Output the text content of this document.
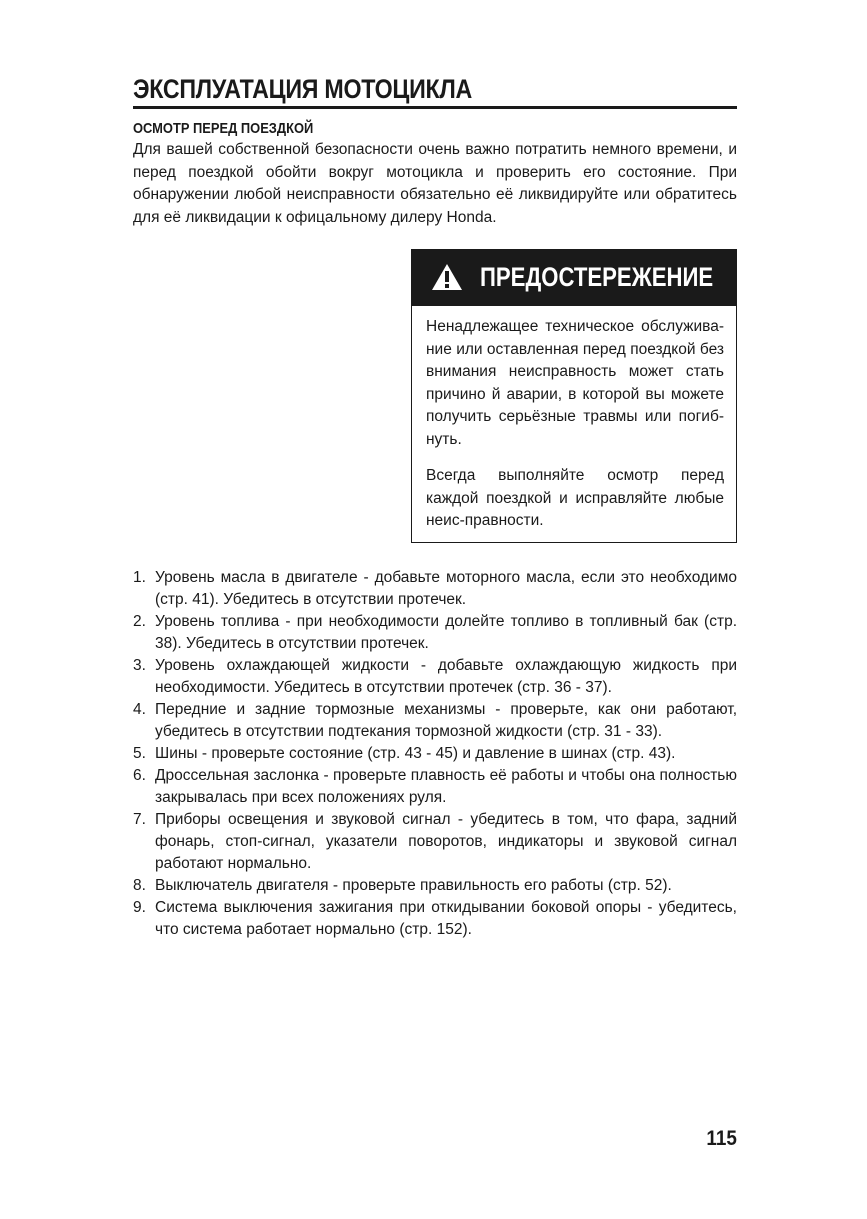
ЭКСПЛУАТАЦИЯ МОТОЦИКЛА
ОСМОТР ПЕРЕД ПОЕЗДКОЙ

Для вашей собственной безопасности очень важно потратить немного времени, и перед поездкой обойти вокруг мотоцикла и проверить его состояние. При обнаружении любой неисправности обязательно её ликвидируйте или обратитесь для её ликвидации к офицальному дилеру Honda.

ПРЕДОСТЕРЕЖЕНИЕ

Ненадлежащее техническое обслужива-ние или оставленная перед поездкой без внимания неисправность может стать причино й аварии, в которой вы можете получить серьёзные травмы или погиб-нуть.

Всегда выполняйте осмотр перед каждой поездкой и исправляйте любые неис-правности.

1. Уровень масла в двигателе - добавьте моторного масла, если это необходимо (стр. 41). Убедитесь в отсутствии протечек.
2. Уровень топлива - при необходимости долейте топливо в топливный бак (стр. 38). Убедитесь в отсутствии протечек.
3. Уровень охлаждающей жидкости - добавьте охлаждающую жидкость при необходимости. Убедитесь в отсутствии протечек (стр. 36 - 37).
4. Передние и задние тормозные механизмы - проверьте, как они работают, убедитесь в отсутствии подтекания тормозной жидкости (стр. 31 - 33).
5. Шины - проверьте состояние (стр. 43 - 45) и давление в шинах (стр. 43).
6. Дроссельная заслонка - проверьте плавность её работы и чтобы она полностью закрывалась при всех положениях руля.
7. Приборы освещения и звуковой сигнал - убедитесь в том, что фара, задний фонарь, стоп-сигнал, указатели поворотов, индикаторы и звуковой сигнал работают нормально.
8. Выключатель двигателя - проверьте правильность его работы (стр. 52).
9. Система выключения зажигания при откидывании боковой опоры - убедитесь, что система работает нормально (стр. 152).

115
